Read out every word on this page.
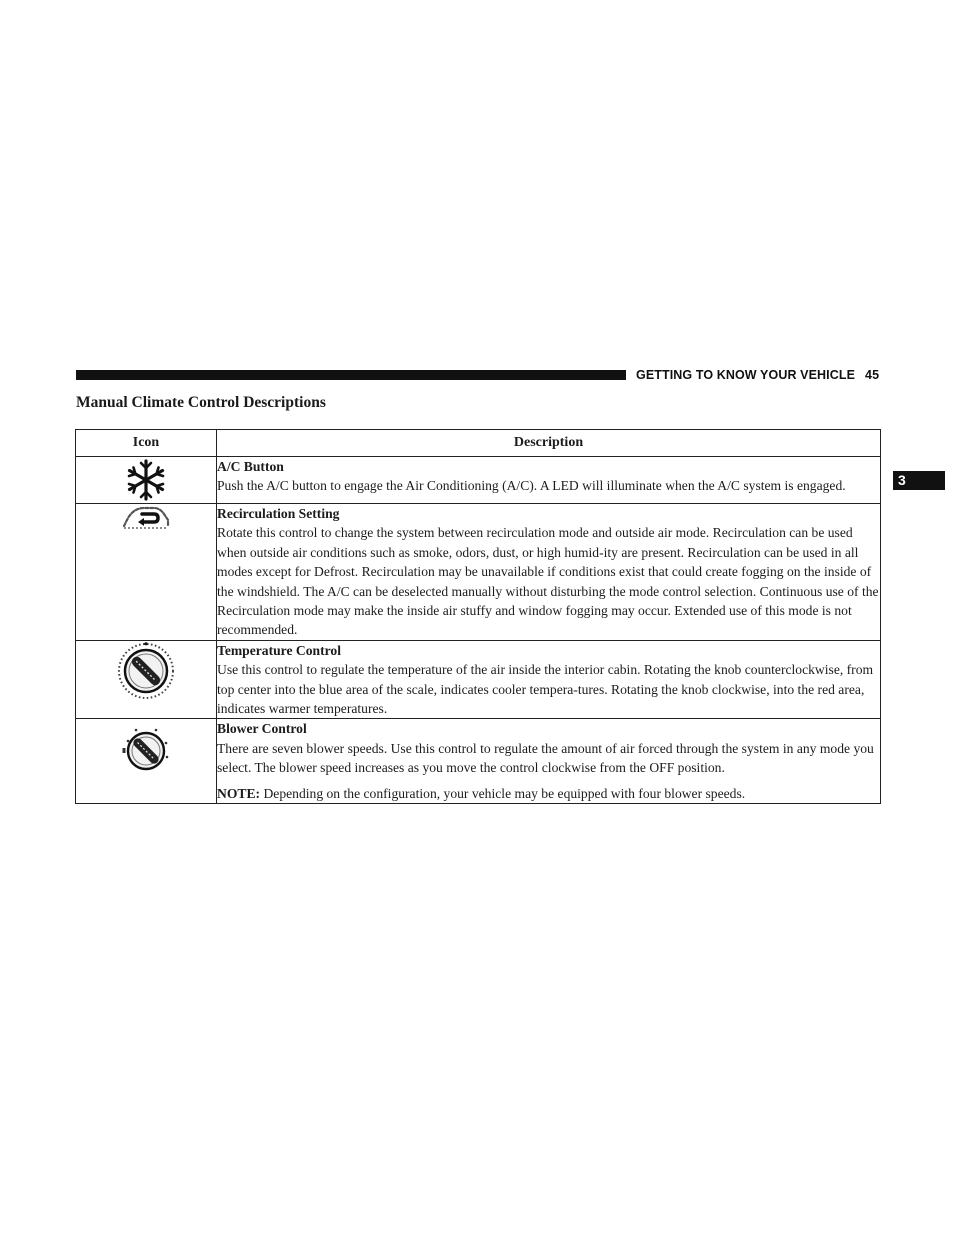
GETTING TO KNOW YOUR VEHICLE 45
3
Manual Climate Control Descriptions
Icon	Description

A/C Button
Push the A/C button to engage the Air Conditioning (A/C). A LED will illuminate when the A/C system is engaged.

Recirculation Setting
Rotate this control to change the system between recirculation mode and outside air mode. Recirculation can be used when outside air conditions such as smoke, odors, dust, or high humid-ity are present. Recirculation can be used in all modes except for Defrost. Recirculation may be unavailable if conditions exist that could create fogging on the inside of the windshield. The A/C can be deselected manually without disturbing the mode control selection. Continuous use of the Recirculation mode may make the inside air stuffy and window fogging may occur. Extended use of this mode is not recommended.

Temperature Control
Use this control to regulate the temperature of the air inside the interior cabin. Rotating the knob counterclockwise, from top center into the blue area of the scale, indicates cooler tempera-tures. Rotating the knob clockwise, into the red area, indicates warmer temperatures.

Blower Control
There are seven blower speeds. Use this control to regulate the amount of air forced through the system in any mode you select. The blower speed increases as you move the control clockwise from the OFF position.
NOTE: Depending on the configuration, your vehicle may be equipped with four blower speeds.
